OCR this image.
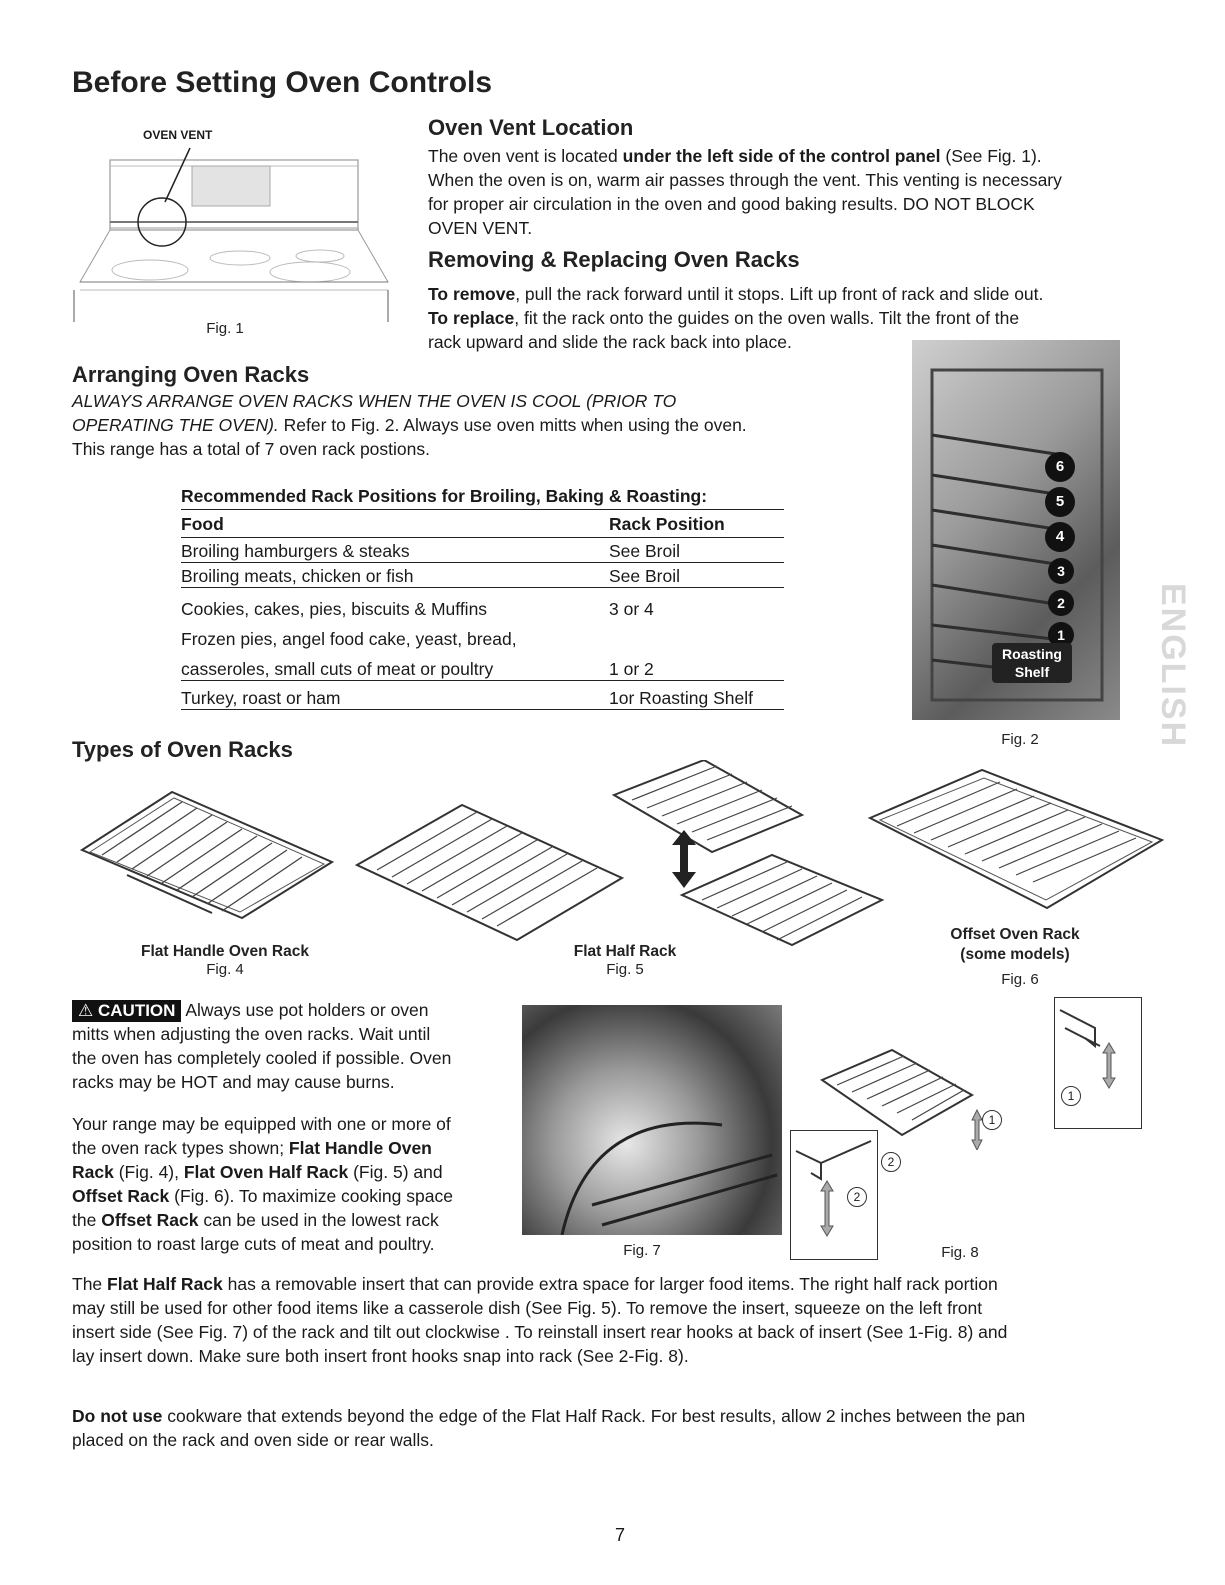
Before Setting Oven Controls
OVEN VENT
Fig. 1
Oven Vent Location
The oven vent is located under the left side of the control panel (See Fig. 1).
When the oven is on, warm air passes through the vent. This venting is necessary
for proper air circulation in the oven and good baking results. DO NOT BLOCK
OVEN VENT.
Removing & Replacing Oven Racks
To remove, pull the rack forward until it stops. Lift up front of rack and slide out.
To replace, fit the rack onto the guides on the oven walls. Tilt the front of the
rack upward and slide the rack back into place.
Arranging Oven Racks
ALWAYS ARRANGE OVEN RACKS WHEN THE OVEN IS COOL (PRIOR TO
OPERATING THE OVEN). Refer to Fig. 2. Always use oven mitts when using the oven.
This range has a total of 7 oven rack postions.
Recommended Rack Positions for Broiling, Baking & Roasting:	
Food	Rack Position
Broiling hamburgers & steaks	See Broil
Broiling meats, chicken or fish	See Broil
Cookies, cakes, pies, biscuits & Muffins	3 or 4
Frozen pies, angel food cake, yeast, bread,	
casseroles, small cuts of meat or poultry	1 or 2
Turkey, roast or ham	1or Roasting Shelf
6
5
4
3
2
1
Roasting
Shelf
Fig. 2	ENGLISH
Types of Oven Racks
Flat Handle Oven Rack
Fig. 4
Flat Half Rack
Fig. 5
Offset Oven Rack
(some models)
Fig. 6
⚠ CAUTION Always use pot holders or oven
mitts when adjusting the oven racks. Wait until
the oven has completely cooled if possible. Oven
racks may be HOT and may cause burns.
Your range may be equipped with one or more of
the oven rack types shown; Flat Handle Oven
Rack (Fig. 4), Flat Oven Half Rack (Fig. 5) and
Offset Rack (Fig. 6). To maximize cooking space
the Offset Rack can be used in the lowest rack
position to roast large cuts of meat and poultry.	Fig. 7
1
1
2
2
Fig. 8
The Flat Half Rack has a removable insert that can provide extra space for larger food items. The right half rack portion
may still be used for other food items like a casserole dish (See Fig. 5). To remove the insert, squeeze on the left front
insert side (See Fig. 7) of the rack and tilt out clockwise . To reinstall insert rear hooks at back of insert (See 1-Fig. 8) and
lay insert down. Make sure both insert front hooks snap into rack (See 2-Fig. 8).
Do not use cookware that extends beyond the edge of the Flat Half Rack. For best results, allow 2 inches between the pan
placed on the rack and oven side or rear walls.
7
